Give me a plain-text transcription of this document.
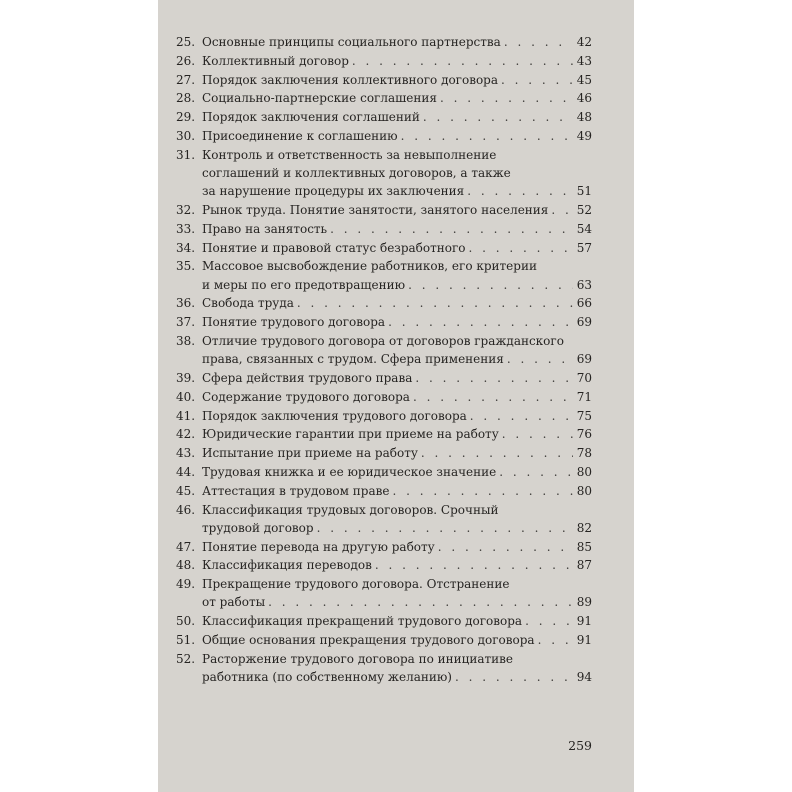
25. Основные принципы социального партнерства . . .	42
26. Коллективный договор . . .	43
27. Порядок заключения коллективного договора . . .	45
28. Социально-партнерские соглашения . . .	46
29. Порядок заключения соглашений . . .	48
30. Присоединение к соглашению . . .	49
31. Контроль и ответственность за невыполнение
соглашений и коллективных договоров, а также
за нарушение процедуры их заключения . . .	51
32. Рынок труда. Понятие занятости, занятого населения . . . 52
33. Право на занятость . . .	54
34. Понятие и правовой статус безработного . . .	57
35. Массовое высвобождение работников, его критерии
и меры по его предотвращению . . .	63
36. Свобода труда . . .	66
37. Понятие трудового договора . . .	69
38. Отличие трудового договора от договоров гражданского
права, связанных с трудом. Сфера применения . . .	69
39. Сфера действия трудового права . . .	70
40. Содержание трудового договора . . .	71
41. Порядок заключения трудового договора . . .	75
42. Юридические гарантии при приеме на работу . . .	76
43. Испытание при приеме на работу . . .	78
44. Трудовая книжка и ее юридическое значение . . .	80
45. Аттестация в трудовом праве . . .	80
46. Классификация трудовых договоров. Срочный
трудовой договор . . .	82
47. Понятие перевода на другую работу . . .	85
48. Классификация переводов . . .	87
49. Прекращение трудового договора. Отстранение
от работы . . .	89
50. Классификация прекращений трудового договора . . .	91
51. Общие основания прекращения трудового договора . . .	91
52. Расторжение трудового договора по инициативе
работника (по собственному желанию) . . .	94
259
